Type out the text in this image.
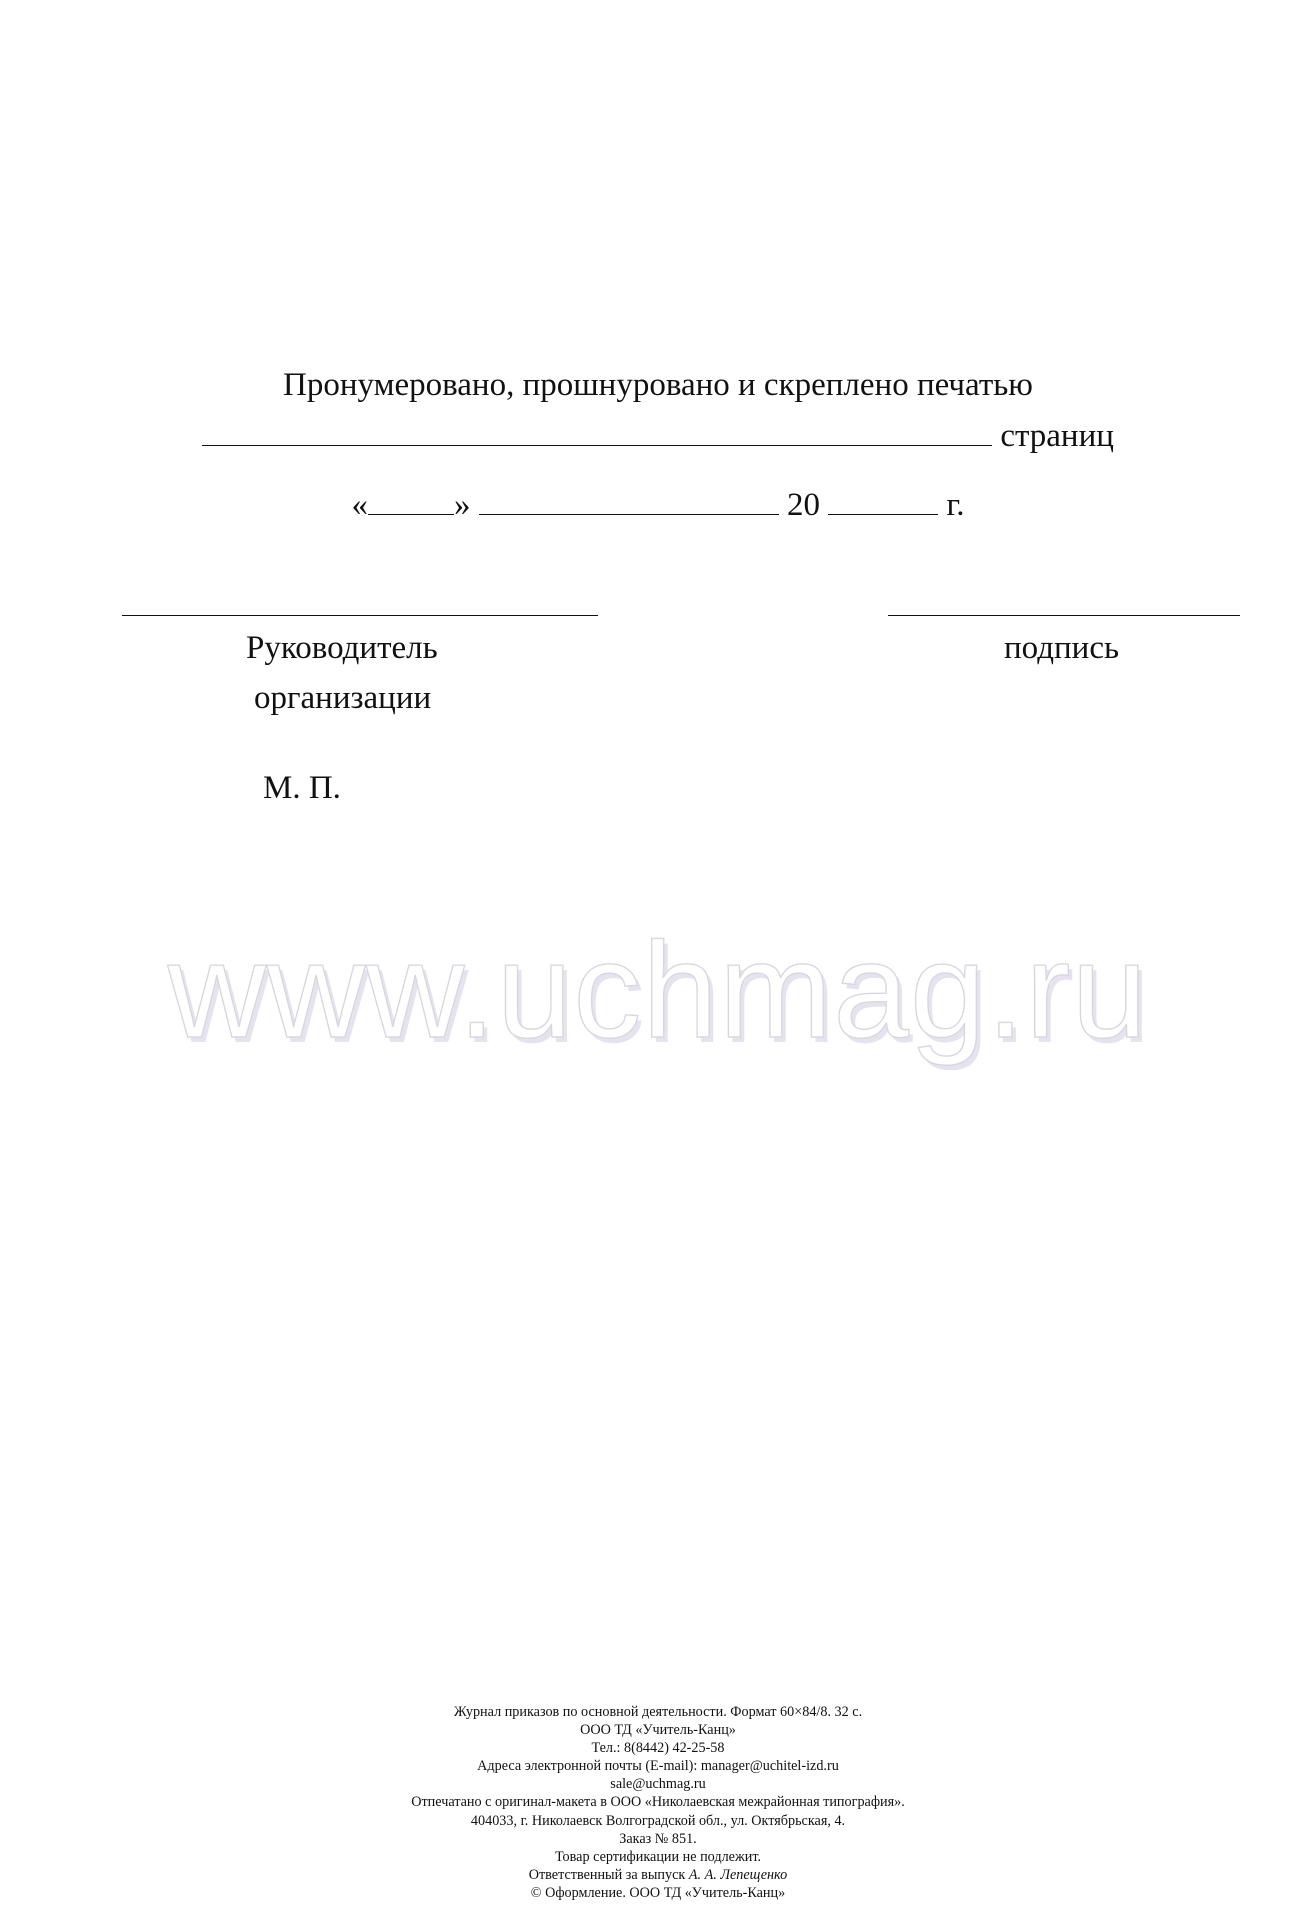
Пронумеровано, прошнуровано и скреплено печатью
страниц
«	»	20	г.
Руководитель
организации
подпись
М. П.
www.uchmag.ru
Журнал приказов по основной деятельности. Формат 60×84/8. 32 с.
ООО ТД «Учитель-Канц»
Тел.: 8(8442) 42-25-58
Адреса электронной почты (E-mail): manager@uchitel-izd.ru
sale@uchmag.ru
Отпечатано с оригинал-макета в ООО «Николаевская межрайонная типография».
404033, г. Николаевск Волгоградской обл., ул. Октябрьская, 4.
Заказ № 851.
Товар сертификации не подлежит.
Ответственный за выпуск А. А. Лепещенко
© Оформление. ООО ТД «Учитель-Канц»
